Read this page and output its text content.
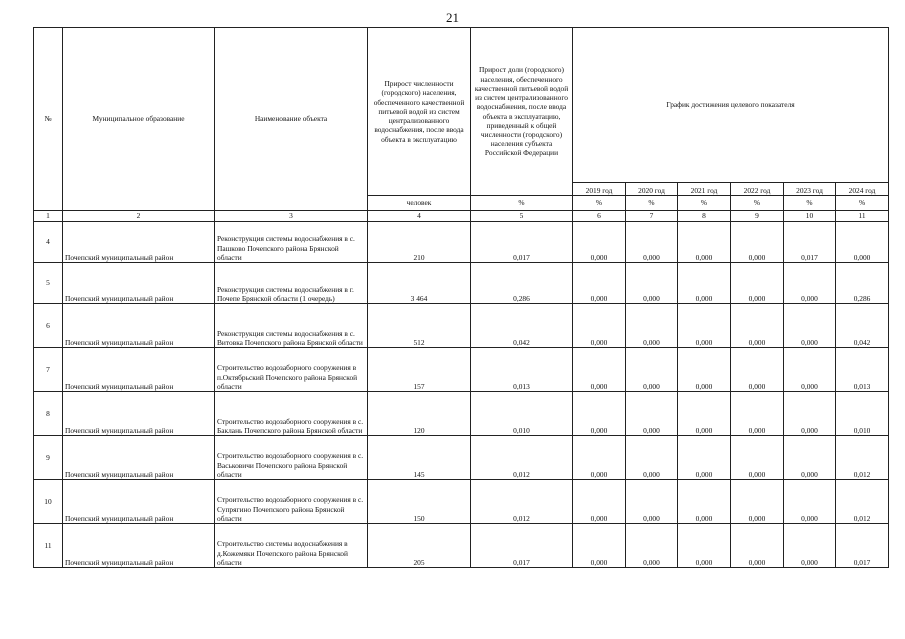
21
№	Муниципальное образование	Наименование объекта	Прирост численности (городского) населения, обеспеченного качественной питьевой водой из систем централизованного водоснабжения, после ввода объекта в эксплуатацию	Прирост доли (городского) населения, обеспеченного качественной питьевой водой из систем централизованного водоснабжения, после ввода объекта в эксплуатацию, приведенный к общей численности (городского) населения субъекта Российской Федерации	График достижения целевого показателя					
					2019 год	2020 год	2021 год	2022 год	2023 год	2024 год
			человек	%	%	%	%	%	%	%
1	2	3	4	5	6	7	8	9	10	11
4	Почепский муниципальный район	Реконструкция системы водоснабжения в с. Пашково Почепского района Брянской области	210	0,017	0,000	0,000	0,000	0,000	0,017	0,000
5	Почепский муниципальный район	Реконструкция системы водоснабжения в г. Почепе Брянской области (1 очередь)	3 464	0,286	0,000	0,000	0,000	0,000	0,000	0,286
6	Почепский муниципальный район	Реконструкция системы водоснабжения в с. Витовка Почепского района Брянской области	512	0,042	0,000	0,000	0,000	0,000	0,000	0,042
7	Почепский муниципальный район	Строительство водозаборного сооружения в п.Октябрьский Почепского района Брянской области	157	0,013	0,000	0,000	0,000	0,000	0,000	0,013
8	Почепский муниципальный район	Строительство водозаборного сооружения в с. Баклань Почепского района Брянской области	120	0,010	0,000	0,000	0,000	0,000	0,000	0,010
9	Почепский муниципальный район	Строительство водозаборного сооружения в с. Васьковичи Почепского района Брянской области	145	0,012	0,000	0,000	0,000	0,000	0,000	0,012
10	Почепский муниципальный район	Строительство водозаборного сооружения в с. Супрягино Почепского района Брянской области	150	0,012	0,000	0,000	0,000	0,000	0,000	0,012
11	Почепский муниципальный район	Строительство системы водоснабжения в д.Кожемяки Почепского района Брянской области	205	0,017	0,000	0,000	0,000	0,000	0,000	0,017
